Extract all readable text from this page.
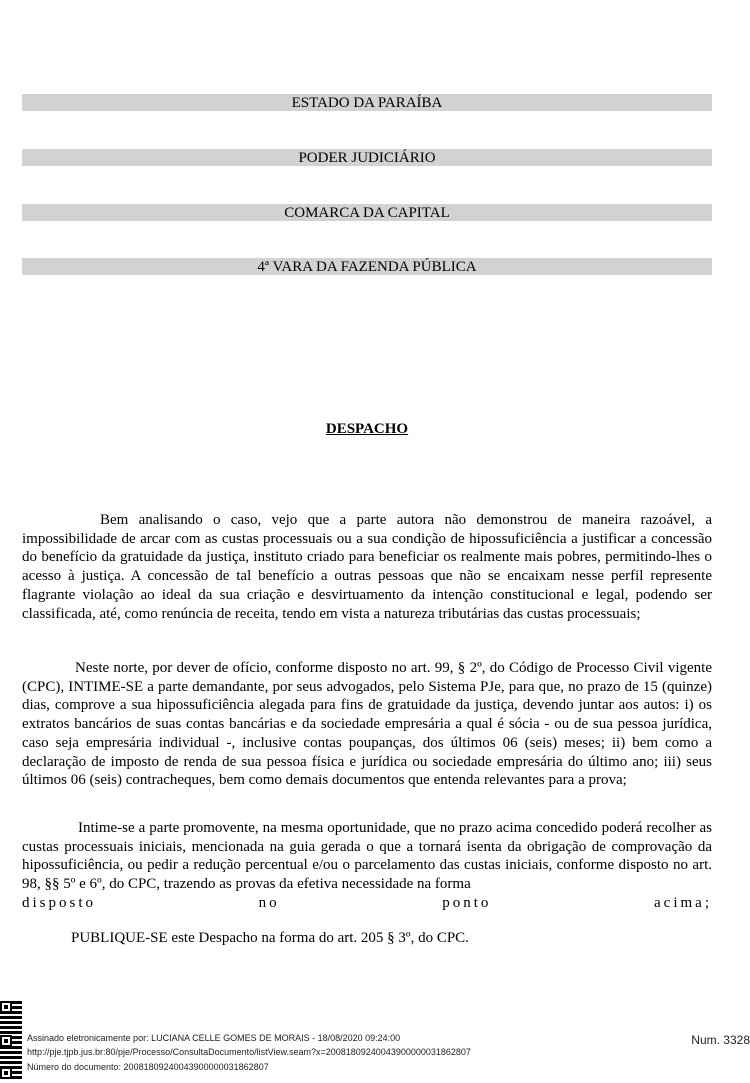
ESTADO DA PARAÍBA
PODER JUDICIÁRIO
COMARCA DA CAPITAL
4ª VARA DA FAZENDA PÚBLICA
DESPACHO
Bem analisando o caso, vejo que a parte autora não demonstrou de maneira razoável, a impossibilidade de arcar com as custas processuais ou a sua condição de hipossuficiência a justificar a concessão do benefício da gratuidade da justiça, instituto criado para beneficiar os realmente mais pobres, permitindo-lhes o acesso à justiça. A concessão de tal benefício a outras pessoas que não se encaixam nesse perfil represente flagrante violação ao ideal da sua criação e desvirtuamento da intenção constitucional e legal, podendo ser classificada, até, como renúncia de receita, tendo em vista a natureza tributárias das custas processuais;
Neste norte, por dever de ofício, conforme disposto no art. 99, § 2º, do Código de Processo Civil vigente (CPC), INTIME-SE a parte demandante, por seus advogados, pelo Sistema PJe, para que, no prazo de 15 (quinze) dias, comprove a sua hipossuficiência alegada para fins de gratuidade da justiça, devendo juntar aos autos: i) os extratos bancários de suas contas bancárias e da sociedade empresária a qual é sócia - ou de sua pessoa jurídica, caso seja empresária individual -, inclusive contas poupanças, dos últimos 06 (seis) meses; ii) bem como a declaração de imposto de renda de sua pessoa física e jurídica ou sociedade empresária do último ano; iii) seus últimos 06 (seis) contracheques, bem como demais documentos que entenda relevantes para a prova;
Intime-se a parte promovente, na mesma oportunidade, que no prazo acima concedido poderá recolher as custas processuais iniciais, mencionada na guia gerada o que a tornará isenta da obrigação de comprovação da hipossuficiência, ou pedir a redução percentual e/ou o parcelamento das custas iniciais, conforme disposto no art. 98, §§ 5º e 6º, do CPC, trazendo as provas da efetiva necessidade na forma
disposto	no	ponto	acima;
PUBLIQUE-SE este Despacho na forma do art. 205 § 3º, do CPC.
Assinado eletronicamente por: LUCIANA CELLE GOMES DE MORAIS - 18/08/2020 09:24:00
http://pje.tjpb.jus.br:80/pje/Processo/ConsultaDocumento/listView.seam?x=20081809240043900000031862807
Número do documento: 20081809240043900000031862807
Num. 3328
